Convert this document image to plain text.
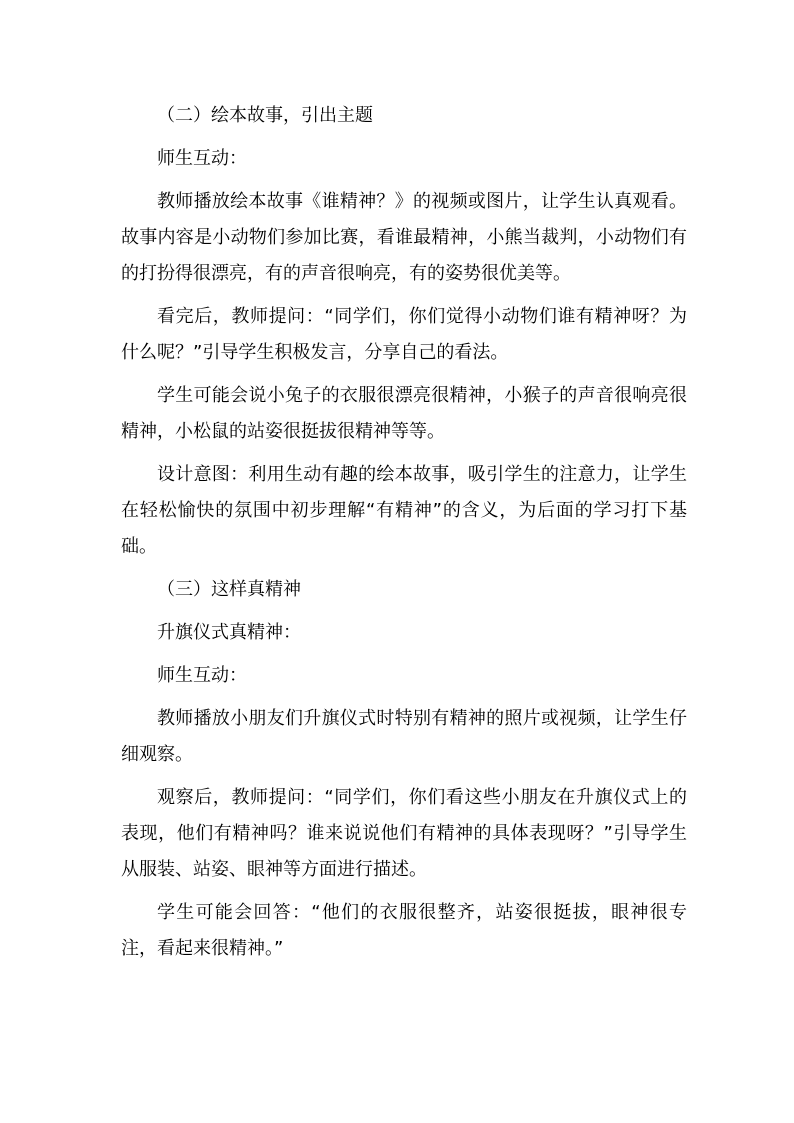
（二）绘本故事，引出主题

师生互动：

教师播放绘本故事《谁精神？》的视频或图片，让学生认真观看。故事内容是小动物们参加比赛，看谁最精神，小熊当裁判，小动物们有的打扮得很漂亮，有的声音很响亮，有的姿势很优美等。

看完后，教师提问：“同学们，你们觉得小动物们谁有精神呀？为什么呢？”引导学生积极发言，分享自己的看法。

学生可能会说小兔子的衣服很漂亮很精神，小猴子的声音很响亮很精神，小松鼠的站姿很挺拔很精神等等。

设计意图：利用生动有趣的绘本故事，吸引学生的注意力，让学生在轻松愉快的氛围中初步理解“有精神”的含义，为后面的学习打下基础。

（三）这样真精神

升旗仪式真精神：

师生互动：

教师播放小朋友们升旗仪式时特别有精神的照片或视频，让学生仔细观察。

观察后，教师提问：“同学们，你们看这些小朋友在升旗仪式上的表现，他们有精神吗？谁来说说他们有精神的具体表现呀？”引导学生从服装、站姿、眼神等方面进行描述。

学生可能会回答：“他们的衣服很整齐，站姿很挺拔，眼神很专注，看起来很精神。”
